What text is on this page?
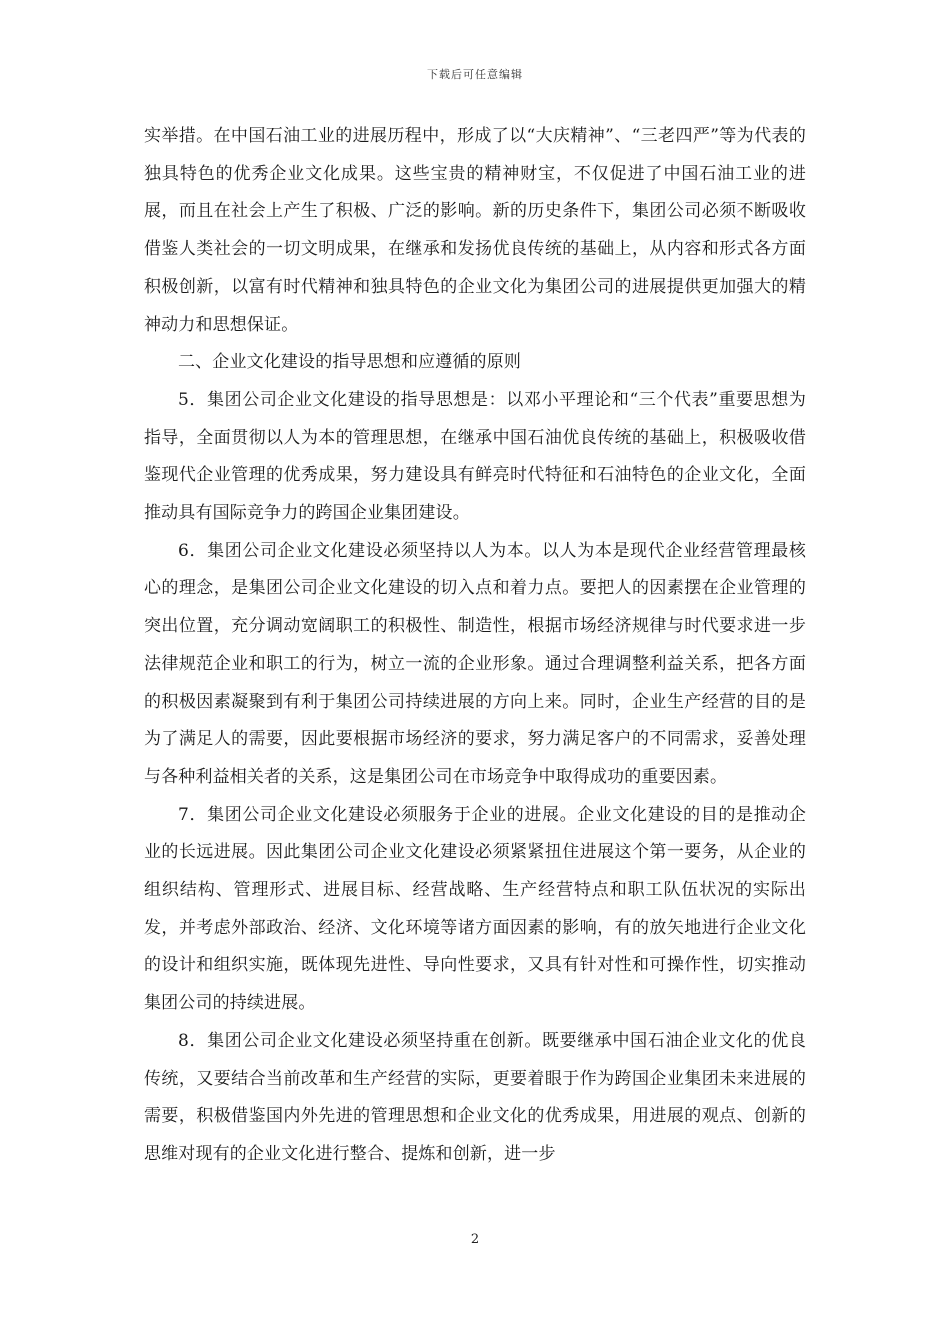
下载后可任意编辑

实举措。在中国石油工业的进展历程中，形成了以“大庆精神”、“三老四严”等为代表的独具特色的优秀企业文化成果。这些宝贵的精神财宝，不仅促进了中国石油工业的进展，而且在社会上产生了积极、广泛的影响。新的历史条件下，集团公司必须不断吸收借鉴人类社会的一切文明成果，在继承和发扬优良传统的基础上，从内容和形式各方面积极创新，以富有时代精神和独具特色的企业文化为集团公司的进展提供更加强大的精神动力和思想保证。

二、企业文化建设的指导思想和应遵循的原则

5．集团公司企业文化建设的指导思想是：以邓小平理论和“三个代表”重要思想为指导，全面贯彻以人为本的管理思想，在继承中国石油优良传统的基础上，积极吸收借鉴现代企业管理的优秀成果，努力建设具有鲜亮时代特征和石油特色的企业文化，全面推动具有国际竞争力的跨国企业集团建设。

6．集团公司企业文化建设必须坚持以人为本。以人为本是现代企业经营管理最核心的理念，是集团公司企业文化建设的切入点和着力点。要把人的因素摆在企业管理的突出位置，充分调动宽阔职工的积极性、制造性，根据市场经济规律与时代要求进一步法律规范企业和职工的行为，树立一流的企业形象。通过合理调整利益关系，把各方面的积极因素凝聚到有利于集团公司持续进展的方向上来。同时，企业生产经营的目的是为了满足人的需要，因此要根据市场经济的要求，努力满足客户的不同需求，妥善处理与各种利益相关者的关系，这是集团公司在市场竞争中取得成功的重要因素。

7．集团公司企业文化建设必须服务于企业的进展。企业文化建设的目的是推动企业的长远进展。因此集团公司企业文化建设必须紧紧扭住进展这个第一要务，从企业的组织结构、管理形式、进展目标、经营战略、生产经营特点和职工队伍状况的实际出发，并考虑外部政治、经济、文化环境等诸方面因素的影响，有的放矢地进行企业文化的设计和组织实施，既体现先进性、导向性要求，又具有针对性和可操作性，切实推动集团公司的持续进展。

8．集团公司企业文化建设必须坚持重在创新。既要继承中国石油企业文化的优良传统，又要结合当前改革和生产经营的实际，更要着眼于作为跨国企业集团未来进展的需要，积极借鉴国内外先进的管理思想和企业文化的优秀成果，用进展的观点、创新的思维对现有的企业文化进行整合、提炼和创新，进一步

2
